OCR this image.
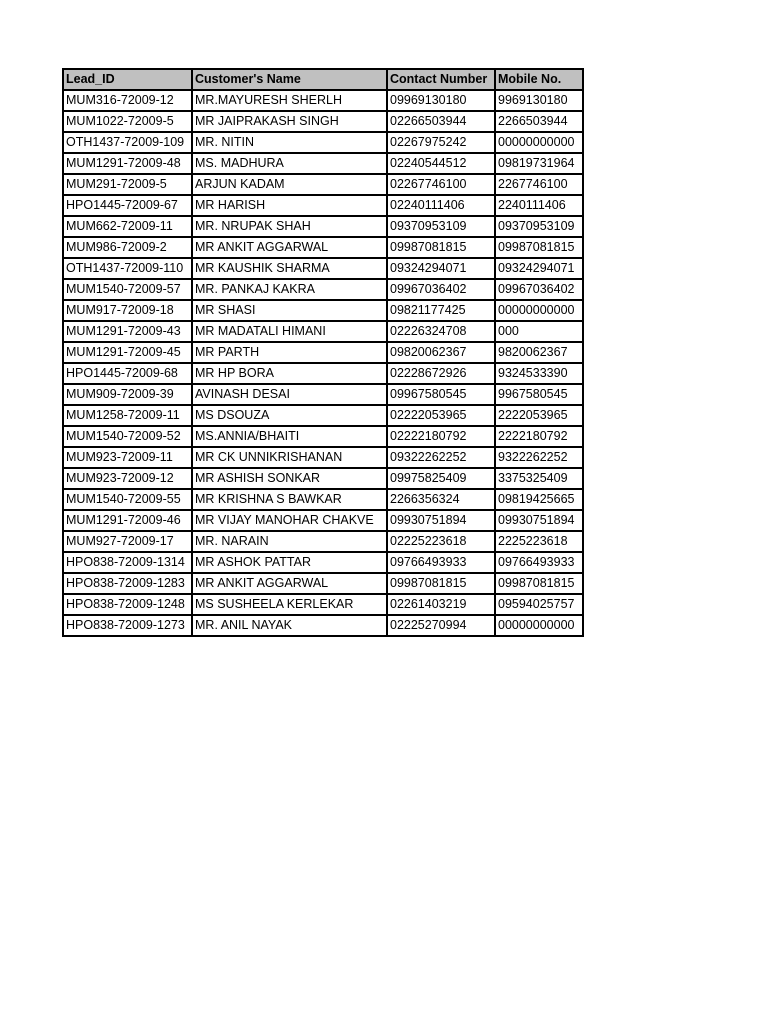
Lead_ID	Customer's Name	Contact Number	Mobile No.
MUM316-72009-12	MR.MAYURESH SHERLH	09969130180	9969130180
MUM1022-72009-5	MR JAIPRAKASH SINGH	02266503944	2266503944
OTH1437-72009-109	MR. NITIN	02267975242	00000000000
MUM1291-72009-48	MS. MADHURA	02240544512	09819731964
MUM291-72009-5	ARJUN KADAM	02267746100	2267746100
HPO1445-72009-67	MR HARISH	02240111406	2240111406
MUM662-72009-11	MR. NRUPAK SHAH	09370953109	09370953109
MUM986-72009-2	MR ANKIT AGGARWAL	09987081815	09987081815
OTH1437-72009-110	MR KAUSHIK SHARMA	09324294071	09324294071
MUM1540-72009-57	MR. PANKAJ KAKRA	09967036402	09967036402
MUM917-72009-18	MR SHASI	09821177425	00000000000
MUM1291-72009-43	MR MADATALI HIMANI	02226324708	000
MUM1291-72009-45	MR PARTH	09820062367	9820062367
HPO1445-72009-68	MR HP BORA	02228672926	9324533390
MUM909-72009-39	AVINASH DESAI	09967580545	9967580545
MUM1258-72009-11	MS DSOUZA	02222053965	2222053965
MUM1540-72009-52	MS.ANNIA/BHAITI	02222180792	2222180792
MUM923-72009-11	MR CK UNNIKRISHANAN	09322262252	9322262252
MUM923-72009-12	MR ASHISH SONKAR	09975825409	3375325409
MUM1540-72009-55	MR KRISHNA S BAWKAR	2266356324	09819425665
MUM1291-72009-46	MR VIJAY MANOHAR CHAKVE	09930751894	09930751894
MUM927-72009-17	MR. NARAIN	02225223618	2225223618
HPO838-72009-1314	MR ASHOK PATTAR	09766493933	09766493933
HPO838-72009-1283	MR ANKIT AGGARWAL	09987081815	09987081815
HPO838-72009-1248	MS SUSHEELA KERLEKAR	02261403219	09594025757
HPO838-72009-1273	MR. ANIL NAYAK	02225270994	00000000000
